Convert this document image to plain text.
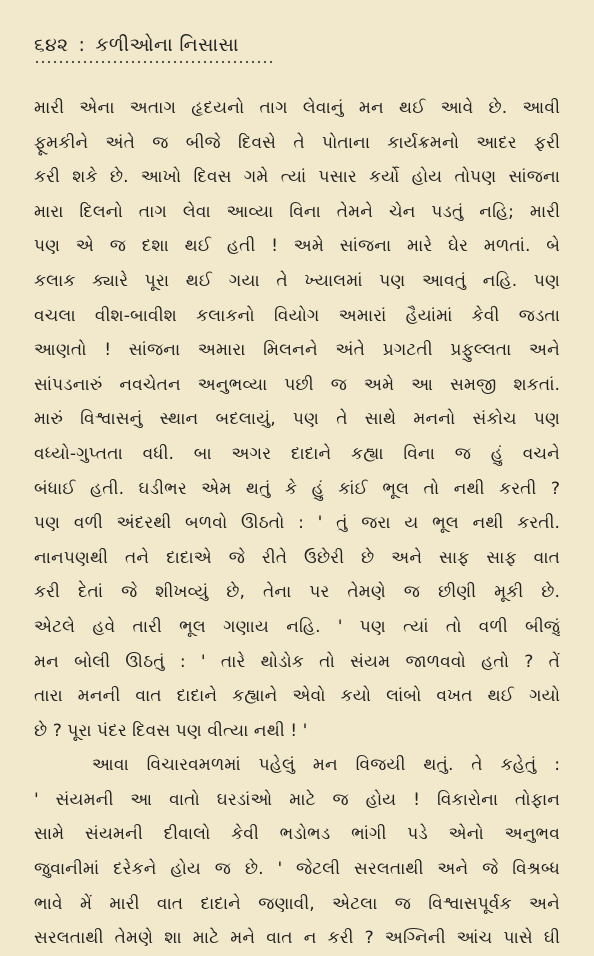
૬૪૨ : કળીઓના નિસાસા
મારી એના અતાગ હૃદયનો તાગ લેવાનું મન થઈ આવે છે. આવી
ફૂમકીને અંતે જ બીજે દિવસે તે પોતાના કાર્યક્રમનો આદર ફરી
કરી શકે છે. આખો દિવસ ગમે ત્યાં પસાર કર્યો હોય તોપણ સાંજના
મારા દિલનો તાગ લેવા આવ્યા વિના તેમને ચેન પડતું નહિ; મારી
પણ એ જ દશા થઈ હતી ! અમે સાંજના મારે ઘેર મળતાં. બે
કલાક ક્યારે પૂરા થઈ ગયા તે ખ્યાલમાં પણ આવતું નહિ. પણ
વચલા વીશ-બાવીશ કલાકનો વિયોગ અમારાં હૈયાંમાં કેવી જડતા
આણતો ! સાંજના અમારા મિલનને અંતે પ્રગટતી પ્રફુલ્લતા અને
સાંપડનારું નવચેતન અનુભવ્યા પછી જ અમે આ સમજી શકતાં.
મારું વિશ્વાસનું સ્થાન બદલાયું, પણ તે સાથે મનનો સંકોચ પણ
વધ્યો-ગુપ્તતા વધી. બા અગર દાદાને કહ્યા વિના જ હું વચને
બંધાઈ હતી. ઘડીભર એમ થતું કે હું કાંઈ ભૂલ તો નથી કરતી ?
પણ વળી અંદરથી બળવો ઊઠતો : ' તું જરા ય ભૂલ નથી કરતી.
નાનપણથી તને દાદાએ જે રીતે ઉછેરી છે અને સાફ સાફ વાત
કરી દેતાં જે શીખવ્યું છે, તેના પર તેમણે જ છીણી મૂકી છે.
એટલે હવે તારી ભૂલ ગણાય નહિ. ' પણ ત્યાં તો વળી બીજું
મન બોલી ઊઠતું : ' તારે થોડોક તો સંયમ જાળવવો હતો ? તેં
તારા મનની વાત દાદાને કહ્યાને એવો કયો લાંબો વખત થઈ ગયો
છે ? પૂરા પંદર દિવસ પણ વીત્યા નથી ! '
આવા વિચારવમળમાં પહેલું મન વિજયી થતું. તે કહેતું :
' સંયમની આ વાતો ઘરડાંઓ માટે જ હોય ! વિકારોના તોફાન
સામે સંયમની દીવાલો કેવી ભડોભડ ભાંગી પડે એનો અનુભવ
જુવાનીમાં દરેકને હોય જ છે. ' જેટલી સરલતાથી અને જે વિશ્રબ્ધ
ભાવે મેં મારી વાત દાદાને જણાવી, એટલા જ વિશ્વાસપૂર્વક અને
સરલતાથી તેમણે શા માટે મને વાત ન કરી ? અગ્નિની આંચ પાસે ઘી
